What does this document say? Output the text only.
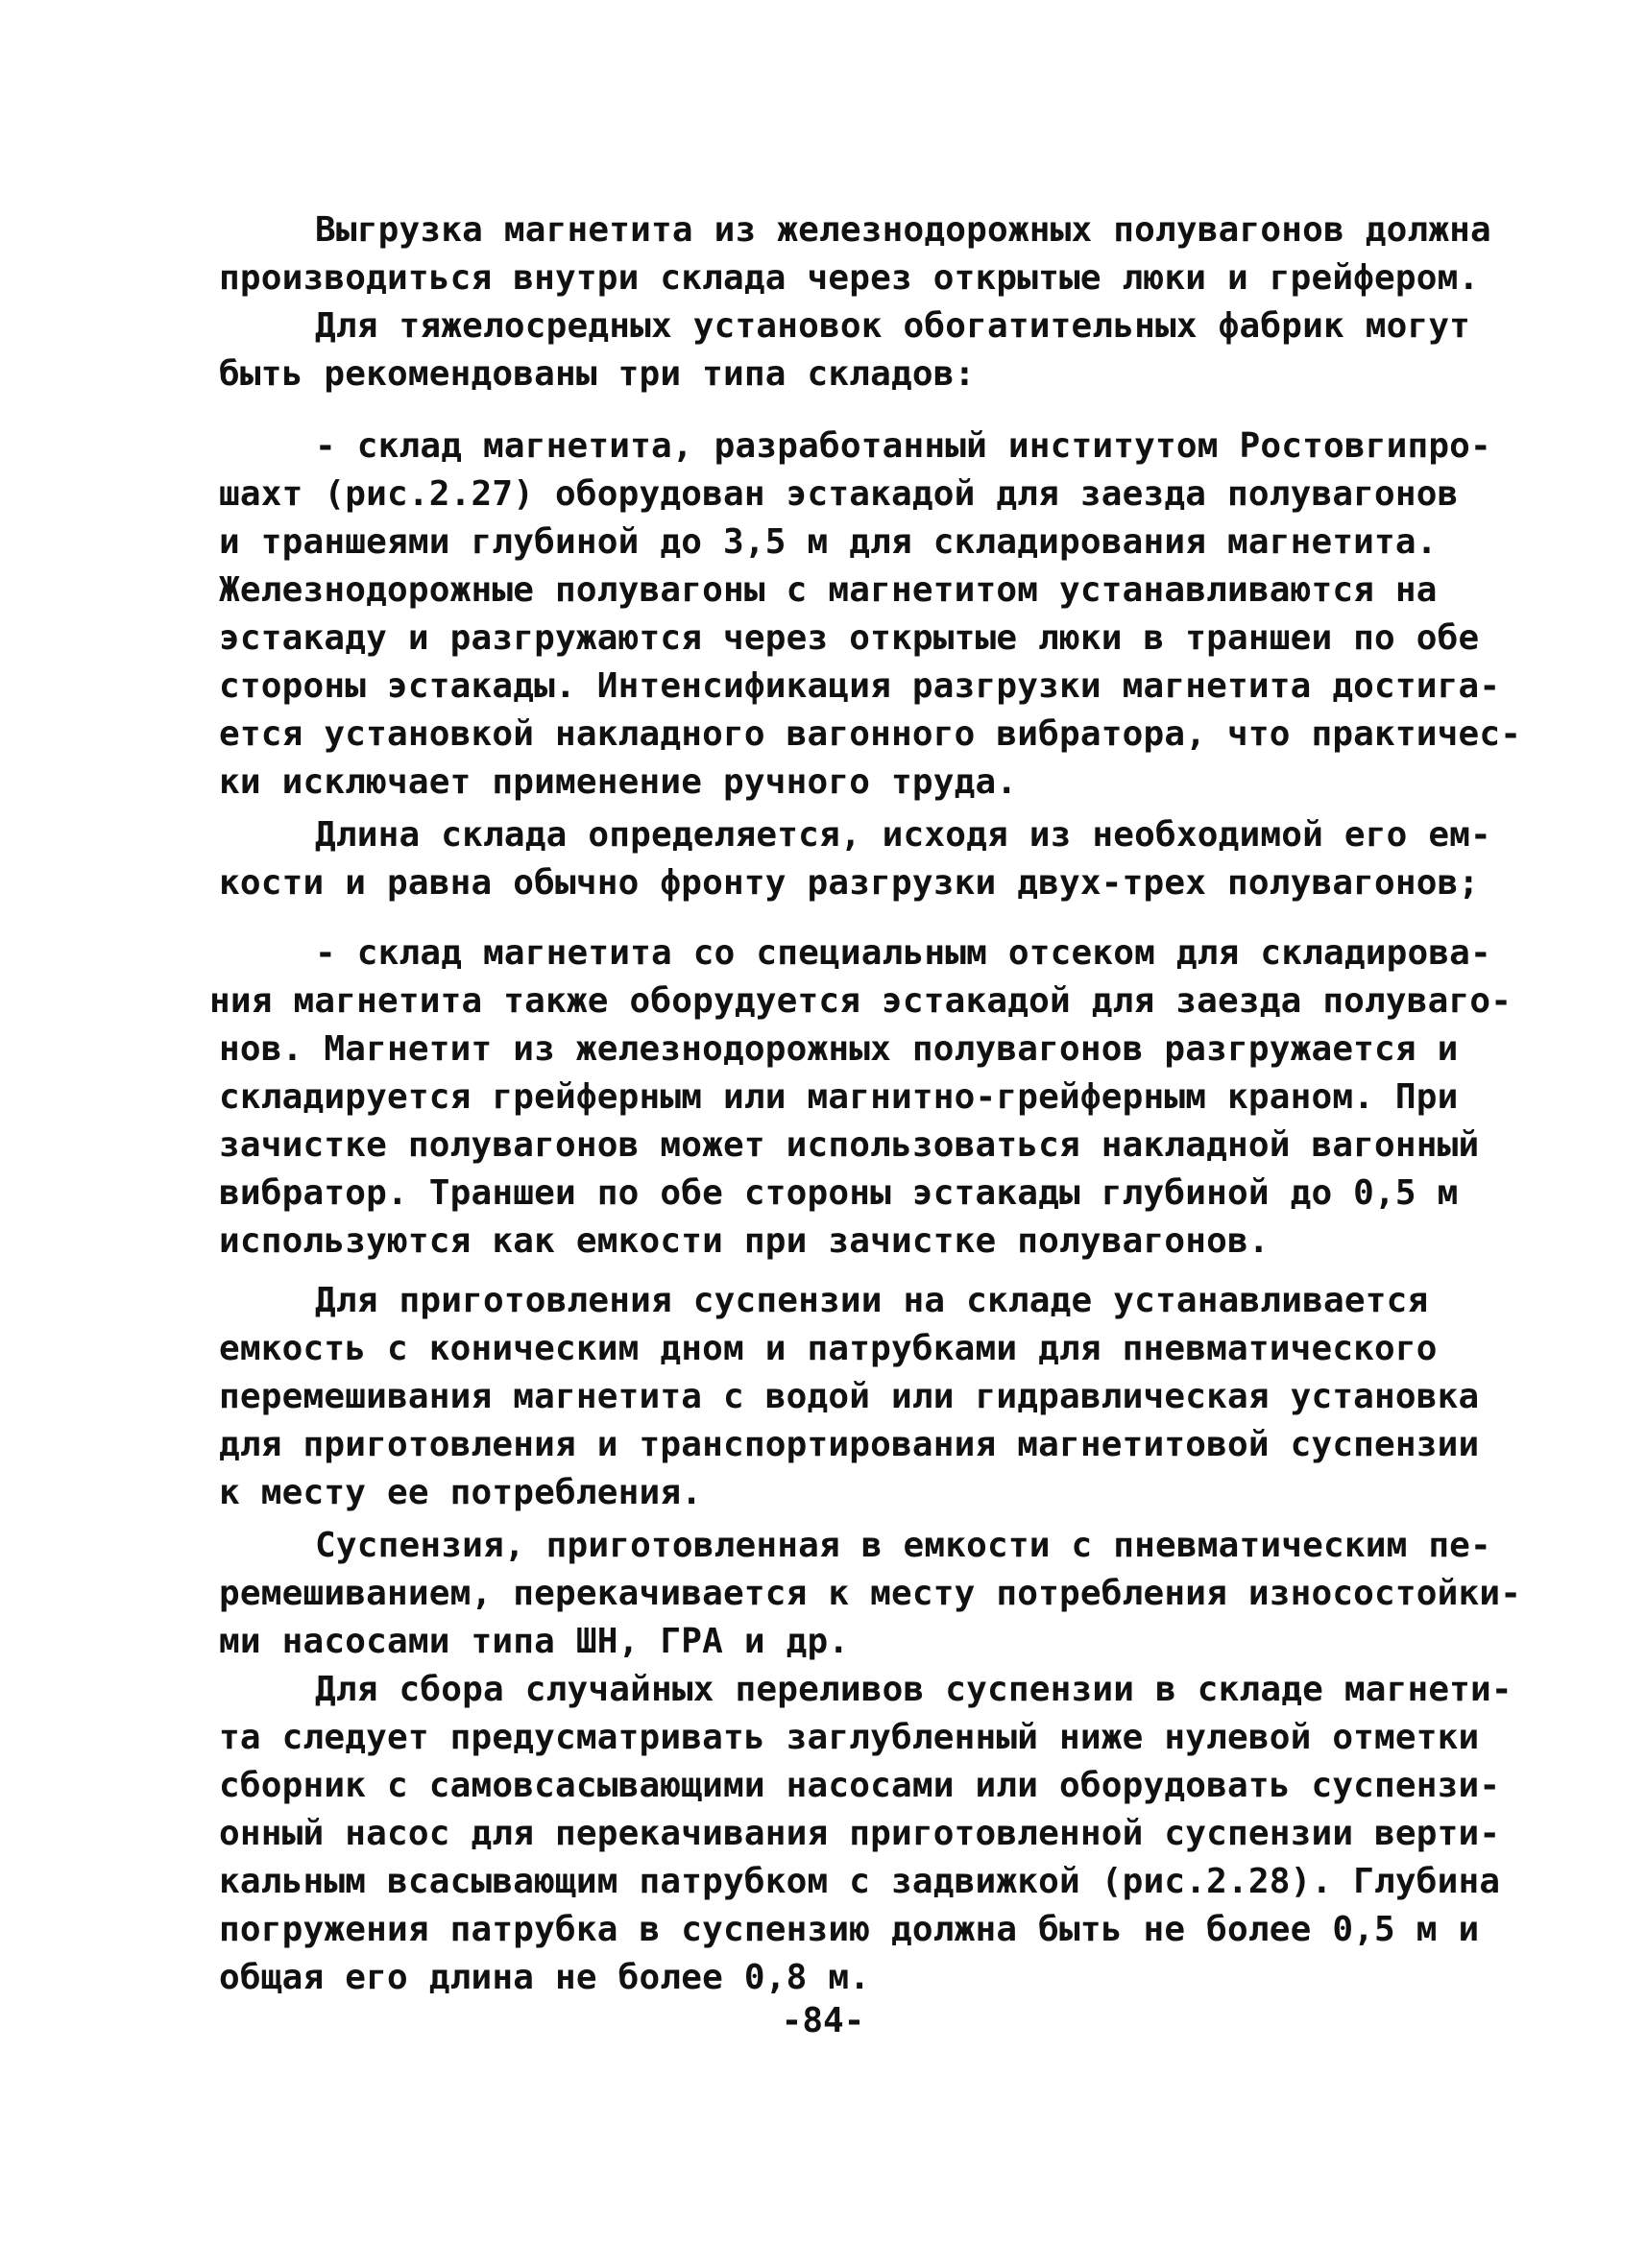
Выгрузка магнетита из железнодорожных полувагонов должна
производиться внутри склада через открытые люки и грейфером.
Для тяжелосредных установок обогатительных фабрик могут
быть рекомендованы три типа складов:
- склад магнетита, разработанный институтом Ростовгипро-
шахт (рис.2.27) оборудован эстакадой для заезда полувагонов
и траншеями глубиной до 3,5 м для складирования магнетита.
Железнодорожные полувагоны с магнетитом устанавливаются на
эстакаду и разгружаются через открытые люки в траншеи по обе
стороны эстакады. Интенсификация разгрузки магнетита достига-
ется установкой накладного вагонного вибратора, что практичес-
ки исключает применение ручного труда.
Длина склада определяется, исходя из необходимой его ем-
кости и равна обычно фронту разгрузки двух-трех полувагонов;
- склад магнетита со специальным отсеком для складирова-
ния магнетита также оборудуется эстакадой для заезда полуваго-
нов. Магнетит из железнодорожных полувагонов разгружается и
складируется грейферным или магнитно-грейферным краном. При
зачистке полувагонов может использоваться накладной вагонный
вибратор. Траншеи по обе стороны эстакады глубиной до 0,5 м
используются как емкости при зачистке полувагонов.
Для приготовления суспензии на складе устанавливается
емкость с коническим дном и патрубками для пневматического
перемешивания магнетита с водой или гидравлическая установка
для приготовления и транспортирования магнетитовой суспензии
к месту ее потребления.
Суспензия, приготовленная в емкости с пневматическим пе-
ремешиванием, перекачивается к месту потребления износостойки-
ми насосами типа ШН, ГРА и др.
Для сбора случайных переливов суспензии в складе магнети-
та следует предусматривать заглубленный ниже нулевой отметки
сборник с самовсасывающими насосами или оборудовать суспензи-
онный насос для перекачивания приготовленной суспензии верти-
кальным всасывающим патрубком с задвижкой (рис.2.28). Глубина
погружения патрубка в суспензию должна быть не более 0,5 м и
общая его длина не более 0,8 м.
-84-
